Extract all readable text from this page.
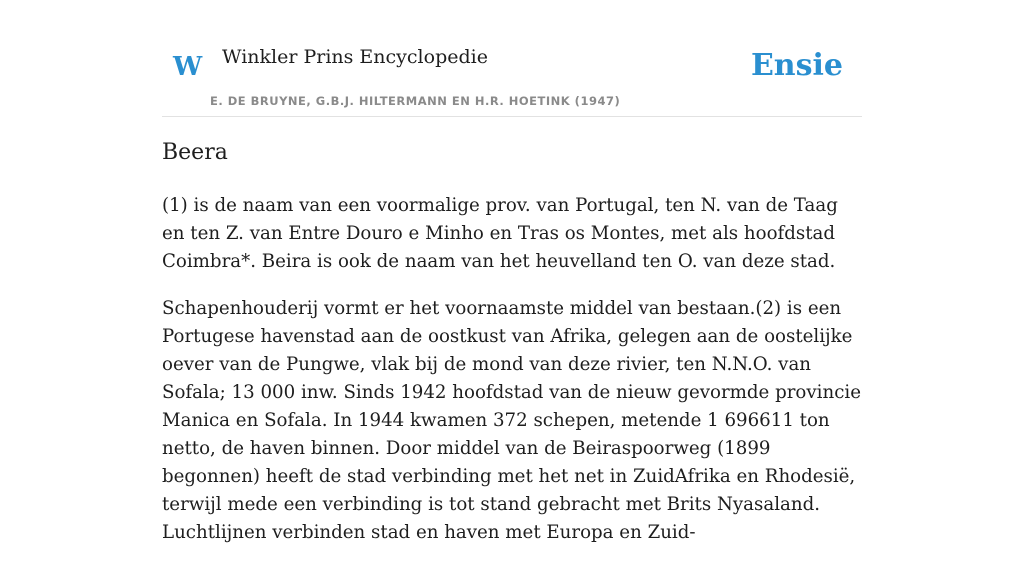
W Winkler Prins Encyclopedie
E. DE BRUYNE, G.B.J. HILTERMANN EN H.R. HOETINK (1947)
Ensie
Beera

(1) is de naam van een voormalige prov. van Portugal, ten N. van de Taag en ten Z. van Entre Douro e Minho en Tras os Montes, met als hoofdstad Coimbra*. Beira is ook de naam van het heuvelland ten O. van deze stad.

Schapenhouderij vormt er het voornaamste middel van bestaan.(2) is een Portugese havenstad aan de oostkust van Afrika, gelegen aan de oostelijke oever van de Pungwe, vlak bij de mond van deze rivier, ten N.N.O. van Sofala; 13 000 inw. Sinds 1942 hoofdstad van de nieuw gevormde provincie Manica en Sofala. In 1944 kwamen 372 schepen, metende 1 696611 ton netto, de haven binnen. Door middel van de Beiraspoorweg (1899 begonnen) heeft de stad verbinding met het net in ZuidAfrika en Rhodesië, terwijl mede een verbinding is tot stand gebracht met Brits Nyasaland. Luchtlijnen verbinden stad en haven met Europa en Zuid-
